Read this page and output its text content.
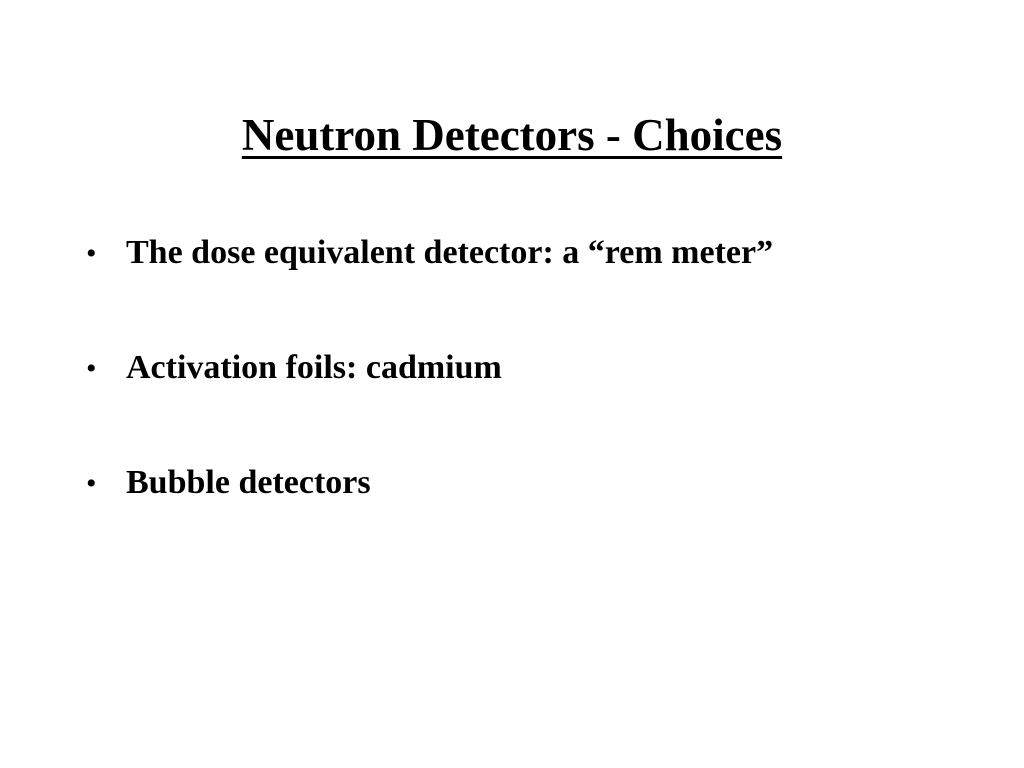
Neutron Detectors - Choices
• The dose equivalent detector: a “rem meter”
• Activation foils: cadmium
• Bubble detectors
